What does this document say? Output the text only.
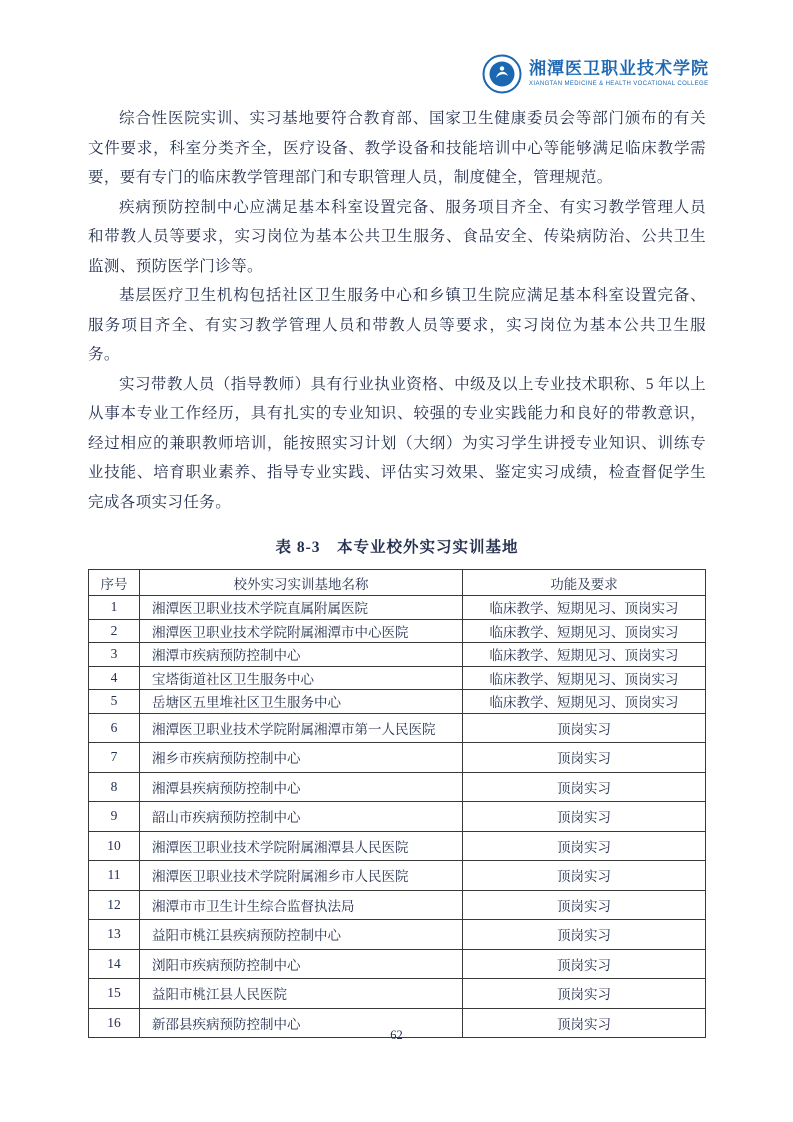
湘潭医卫职业技术学院
XIANGTAN MEDICINE & HEALTH VOCATIONAL COLLEGE

综合性医院实训、实习基地要符合教育部、国家卫生健康委员会等部门颁布的有关文件要求，科室分类齐全，医疗设备、教学设备和技能培训中心等能够满足临床教学需要，要有专门的临床教学管理部门和专职管理人员，制度健全，管理规范。

疾病预防控制中心应满足基本科室设置完备、服务项目齐全、有实习教学管理人员和带教人员等要求，实习岗位为基本公共卫生服务、食品安全、传染病防治、公共卫生监测、预防医学门诊等。

基层医疗卫生机构包括社区卫生服务中心和乡镇卫生院应满足基本科室设置完备、服务项目齐全、有实习教学管理人员和带教人员等要求，实习岗位为基本公共卫生服务。

实习带教人员（指导教师）具有行业执业资格、中级及以上专业技术职称、5 年以上从事本专业工作经历，具有扎实的专业知识、较强的专业实践能力和良好的带教意识，经过相应的兼职教师培训，能按照实习计划（大纲）为实习学生讲授专业知识、训练专业技能、培育职业素养、指导专业实践、评估实习效果、鉴定实习成绩，检查督促学生完成各项实习任务。

表 8-3　本专业校外实习实训基地
序号	校外实习实训基地名称	功能及要求
1	湘潭医卫职业技术学院直属附属医院	临床教学、短期见习、顶岗实习
2	湘潭医卫职业技术学院附属湘潭市中心医院	临床教学、短期见习、顶岗实习
3	湘潭市疾病预防控制中心	临床教学、短期见习、顶岗实习
4	宝塔街道社区卫生服务中心	临床教学、短期见习、顶岗实习
5	岳塘区五里堆社区卫生服务中心	临床教学、短期见习、顶岗实习
6	湘潭医卫职业技术学院附属湘潭市第一人民医院	顶岗实习
7	湘乡市疾病预防控制中心	顶岗实习
8	湘潭县疾病预防控制中心	顶岗实习
9	韶山市疾病预防控制中心	顶岗实习
10	湘潭医卫职业技术学院附属湘潭县人民医院	顶岗实习
11	湘潭医卫职业技术学院附属湘乡市人民医院	顶岗实习
12	湘潭市市卫生计生综合监督执法局	顶岗实习
13	益阳市桃江县疾病预防控制中心	顶岗实习
14	浏阳市疾病预防控制中心	顶岗实习
15	益阳市桃江县人民医院	顶岗实习
16	新邵县疾病预防控制中心	顶岗实习
62
